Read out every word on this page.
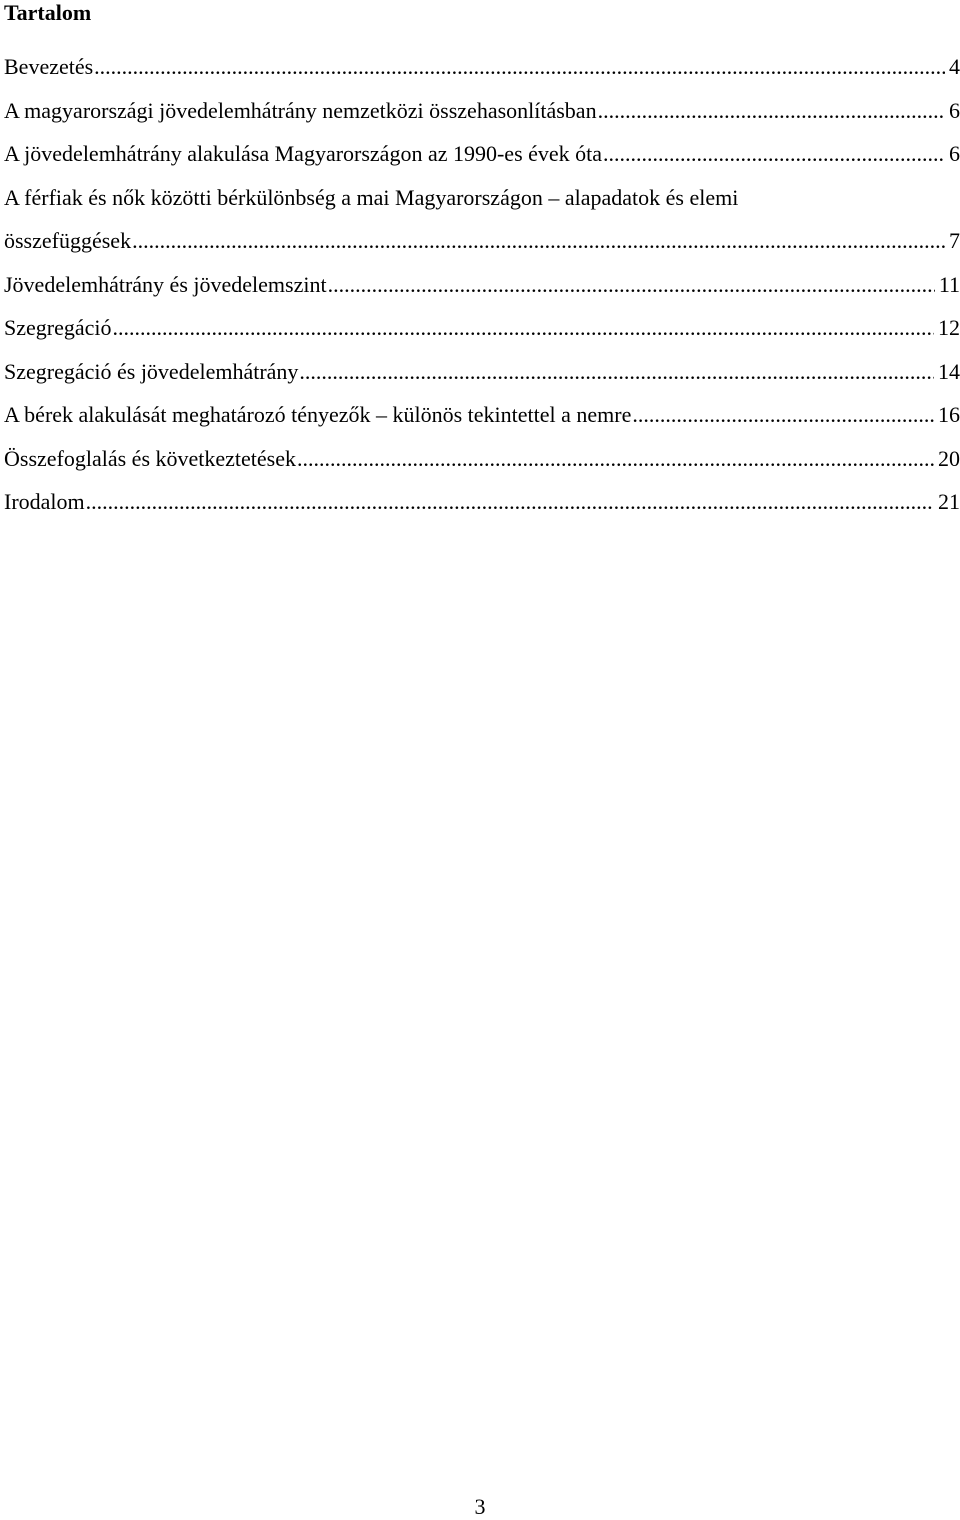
Tartalom
Bevezetés .....	4
A magyarországi jövedelemhátrány nemzetközi összehasonlításban .....	6
A jövedelemhátrány alakulása Magyarországon az 1990-es évek óta .....	6
A férfiak és nők közötti bérkülönbség a mai Magyarországon – alapadatok és elemi
összefüggések .....	7
Jövedelemhátrány és jövedelemszint .....	11
Szegregáció .....	12
Szegregáció és jövedelemhátrány .....	14
A bérek alakulását meghatározó tényezők – különös tekintettel a nemre .....	16
Összefoglalás és következtetések .....	20
Irodalom .....	21
3
